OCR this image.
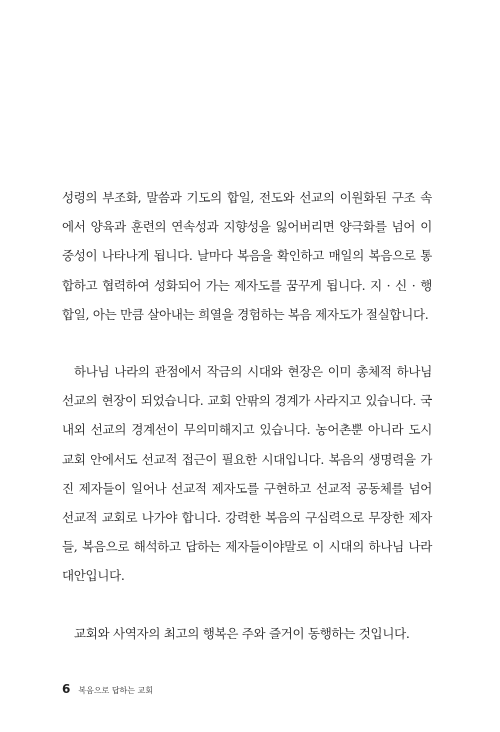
성령의 부조화, 말씀과 기도의 합일, 전도와 선교의 이원화된 구조 속에서 양육과 훈련의 연속성과 지향성을 잃어버리면 양극화를 넘어 이중성이 나타나게 됩니다. 날마다 복음을 확인하고 매일의 복음으로 통합하고 협력하여 성화되어 가는 제자도를 꿈꾸게 됩니다. 지 · 신 · 행 합일, 아는 만큼 살아내는 희열을 경험하는 복음 제자도가 절실합니다.

하나님 나라의 관점에서 작금의 시대와 현장은 이미 총체적 하나님 선교의 현장이 되었습니다. 교회 안팎의 경계가 사라지고 있습니다. 국내외 선교의 경계선이 무의미해지고 있습니다. 농어촌뿐 아니라 도시교회 안에서도 선교적 접근이 필요한 시대입니다. 복음의 생명력을 가진 제자들이 일어나 선교적 제자도를 구현하고 선교적 공동체를 넘어 선교적 교회로 나가야 합니다. 강력한 복음의 구심력으로 무장한 제자들, 복음으로 해석하고 답하는 제자들이야말로 이 시대의 하나님 나라 대안입니다.

교회와 사역자의 최고의 행복은 주와 즐거이 동행하는 것입니다.

6 복음으로 답하는 교회
